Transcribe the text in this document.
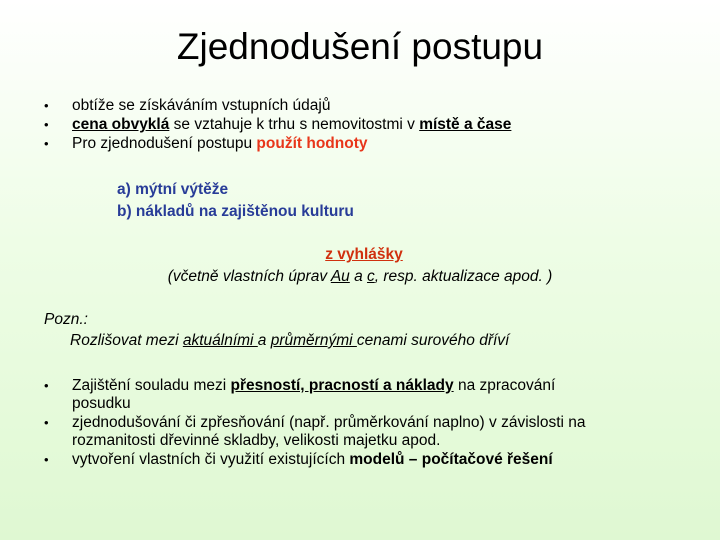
Zjednodušení postupu
• obtíže se získáváním vstupních údajů
• cena obvyklá se vztahuje k trhu s nemovitostmi v místě a čase
• Pro zjednodušení postupu použít hodnoty
a) mýtní výtěže
b) nákladů na zajištěnou kulturu
z vyhlášky
(včetně vlastních úprav Au a c, resp. aktualizace apod. )
Pozn.:
Rozlišovat mezi aktuálními a průměrnými cenami surového dříví
• Zajištění souladu mezi přesností, pracností a náklady na zpracování
posudku
• zjednodušování či zpřesňování (např. průměrkování naplno) v závislosti na
rozmanitosti dřevinné skladby, velikosti majetku apod.
• vytvoření vlastních či využití existujících modelů – počítačové řešení
